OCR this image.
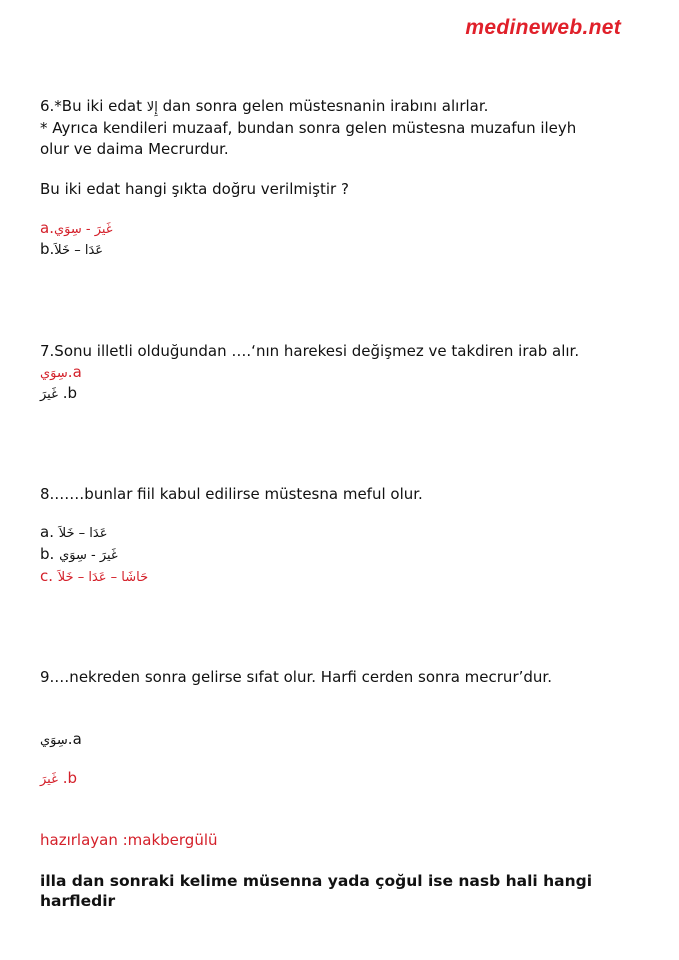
medineweb.net

6.*Bu iki edat إِلا dan sonra gelen müstesnanin irabını alırlar.

* Ayrıca kendileri muzaaf, bundan sonra gelen müstesna muzafun ileyh

olur ve daima Mecrurdur.

Bu iki edat hangi şıkta doğru verilmiştir ?

a.غَيرَ - سِوَي

b.عَدَا – خَلاَ

7.Sonu illetli olduğundan ….‘nın harekesi değişmez ve takdiren irab alır.

سِوَي.a

غَيرَ .b

8.……bunlar fiil kabul edilirse müstesna meful olur.

a. عَدَا – خَلاَ

b. غَيرَ - سِوَي

c. حَاشَا – عَدَا – خَلاَ

9.…nekreden sonra gelirse sıfat olur. Harfi cerden sonra mecrur’dur.

سِوَي.a

غَيرَ .b

hazırlayan :makbergülü

illa dan sonraki kelime müsenna yada çoğul ise nasb hali hangi harfledir
